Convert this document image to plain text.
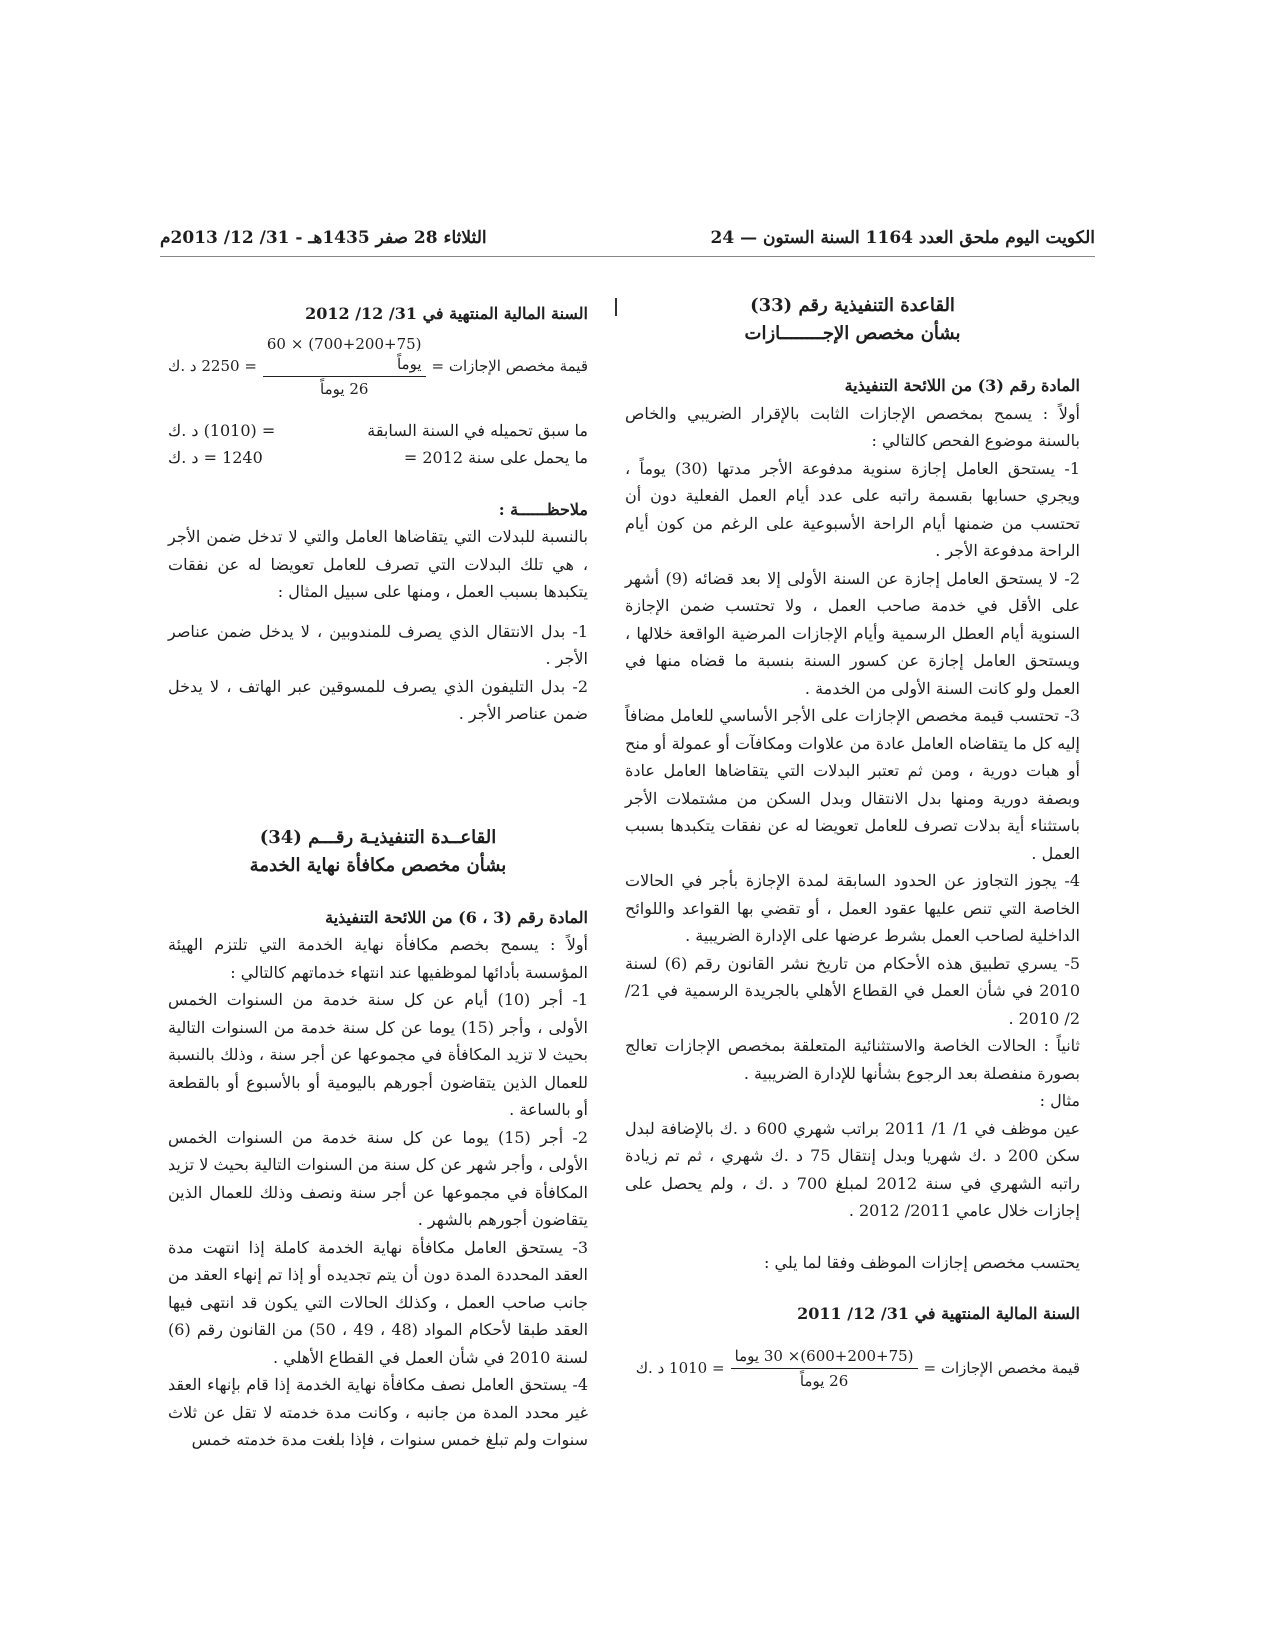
الكويت اليوم ملحق العدد 1164 السنة الستون — 24
الثلاثاء 28 صفر 1435هـ - 31/ 12/ 2013م

القاعدة التنفيذية رقم (33)

بشأن مخصص الإجــــــــازات

المادة رقم (3) من اللائحة التنفيذية

أولاً : يسمح بمخصص الإجازات الثابت بالإقرار الضريبي والخاص بالسنة موضوع الفحص كالتالي :

1- يستحق العامل إجازة سنوية مدفوعة الأجر مدتها (30) يوماً ، ويجري حسابها بقسمة راتبه على عدد أيام العمل الفعلية دون أن تحتسب من ضمنها أيام الراحة الأسبوعية على الرغم من كون أيام الراحة مدفوعة الأجر .

2- لا يستحق العامل إجازة عن السنة الأولى إلا بعد قضائه (9) أشهر على الأقل في خدمة صاحب العمل ، ولا تحتسب ضمن الإجازة السنوية أيام العطل الرسمية وأيام الإجازات المرضية الواقعة خلالها ، ويستحق العامل إجازة عن كسور السنة بنسبة ما قضاه منها في العمل ولو كانت السنة الأولى من الخدمة .

3- تحتسب قيمة مخصص الإجازات على الأجر الأساسي للعامل مضافاً إليه كل ما يتقاضاه العامل عادة من علاوات ومكافآت أو عمولة أو منح أو هبات دورية ، ومن ثم تعتبر البدلات التي يتقاضاها العامل عادة وبصفة دورية ومنها بدل الانتقال وبدل السكن من مشتملات الأجر باستثناء أية بدلات تصرف للعامل تعويضا له عن نفقات يتكبدها بسبب العمل .

4- يجوز التجاوز عن الحدود السابقة لمدة الإجازة بأجر في الحالات الخاصة التي تنص عليها عقود العمل ، أو تقضي بها القواعد واللوائح الداخلية لصاحب العمل بشرط عرضها على الإدارة الضريبية .

5- يسري تطبيق هذه الأحكام من تاريخ نشر القانون رقم (6) لسنة 2010 في شأن العمل في القطاع الأهلي بالجريدة الرسمية في 21/ 2/ 2010 .

ثانياً : الحالات الخاصة والاستثنائية المتعلقة بمخصص الإجازات تعالج بصورة منفصلة بعد الرجوع بشأنها للإدارة الضريبية .

مثال :

عين موظف في 1/ 1/ 2011 براتب شهري 600 د .ك بالإضافة لبدل سكن 200 د .ك شهريا وبدل إنتقال 75 د .ك شهري ، ثم تم زيادة راتبه الشهري في سنة 2012 لمبلغ 700 د .ك ، ولم يحصل على إجازات خلال عامي 2011/ 2012 .

يحتسب مخصص إجازات الموظف وفقا لما يلي :

السنة المالية المنتهية في 31/ 12/ 2011

قيمة مخصص الإجازات =
$\frac{\text{(600+200+75)× 30 يوما}}{\text{26 يوماً}}$
= 1010 د .ك

السنة المالية المنتهية في 31/ 12/ 2012

قيمة مخصص الإجازات =
$\frac{\text{(700+200+75) × 60 يوماً}}{\text{26 يوماً}}$
= 2250 د .ك
ما سبق تحميله في السنة السابقة
= (1010) د .ك
ما يحمل على سنة 2012 =
1240 = د .ك

ملاحظــــــة :

بالنسبة للبدلات التي يتقاضاها العامل والتي لا تدخل ضمن الأجر ، هي تلك البدلات التي تصرف للعامل تعويضا له عن نفقات يتكبدها بسبب العمل ، ومنها على سبيل المثال :

1- بدل الانتقال الذي يصرف للمندوبين ، لا يدخل ضمن عناصر الأجر .

2- بدل التليفون الذي يصرف للمسوقين عبر الهاتف ، لا يدخل ضمن عناصر الأجر .

القاعــدة التنفيذيـة رقـــم (34)

بشأن مخصص مكافأة نهاية الخدمة

المادة رقم (3 ، 6) من اللائحة التنفيذية

أولاً : يسمح بخصم مكافأة نهاية الخدمة التي تلتزم الهيئة المؤسسة بأدائها لموظفيها عند انتهاء خدماتهم كالتالي :

1- أجر (10) أيام عن كل سنة خدمة من السنوات الخمس الأولى ، وأجر (15) يوما عن كل سنة خدمة من السنوات التالية بحيث لا تزيد المكافأة في مجموعها عن أجر سنة ، وذلك بالنسبة للعمال الذين يتقاضون أجورهم باليومية أو بالأسبوع أو بالقطعة أو بالساعة .

2- أجر (15) يوما عن كل سنة خدمة من السنوات الخمس الأولى ، وأجر شهر عن كل سنة من السنوات التالية بحيث لا تزيد المكافأة في مجموعها عن أجر سنة ونصف وذلك للعمال الذين يتقاضون أجورهم بالشهر .

3- يستحق العامل مكافأة نهاية الخدمة كاملة إذا انتهت مدة العقد المحددة المدة دون أن يتم تجديده أو إذا تم إنهاء العقد من جانب صاحب العمل ، وكذلك الحالات التي يكون قد انتهى فيها العقد طبقا لأحكام المواد (48 ، 49 ، 50) من القانون رقم (6) لسنة 2010 في شأن العمل في القطاع الأهلي .

4- يستحق العامل نصف مكافأة نهاية الخدمة إذا قام بإنهاء العقد غير محدد المدة من جانبه ، وكانت مدة خدمته لا تقل عن ثلاث سنوات ولم تبلغ خمس سنوات ، فإذا بلغت مدة خدمته خمس
